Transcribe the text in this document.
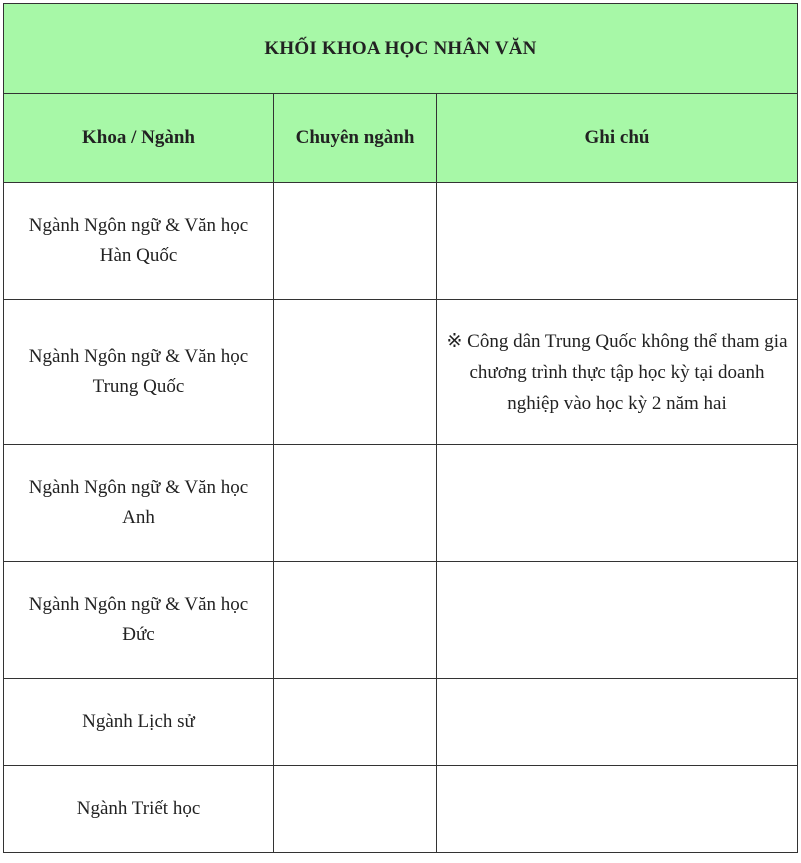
KHỐI KHOA HỌC NHÂN VĂN		
Khoa / Ngành	Chuyên ngành	Ghi chú
Ngành Ngôn ngữ & Văn học Hàn Quốc		
Ngành Ngôn ngữ & Văn học Trung Quốc		※ Công dân Trung Quốc không thể tham gia chương trình thực tập học kỳ tại doanh nghiệp vào học kỳ 2 năm hai
Ngành Ngôn ngữ & Văn học Anh		
Ngành Ngôn ngữ & Văn học Đức		
Ngành Lịch sử		
Ngành Triết học		
